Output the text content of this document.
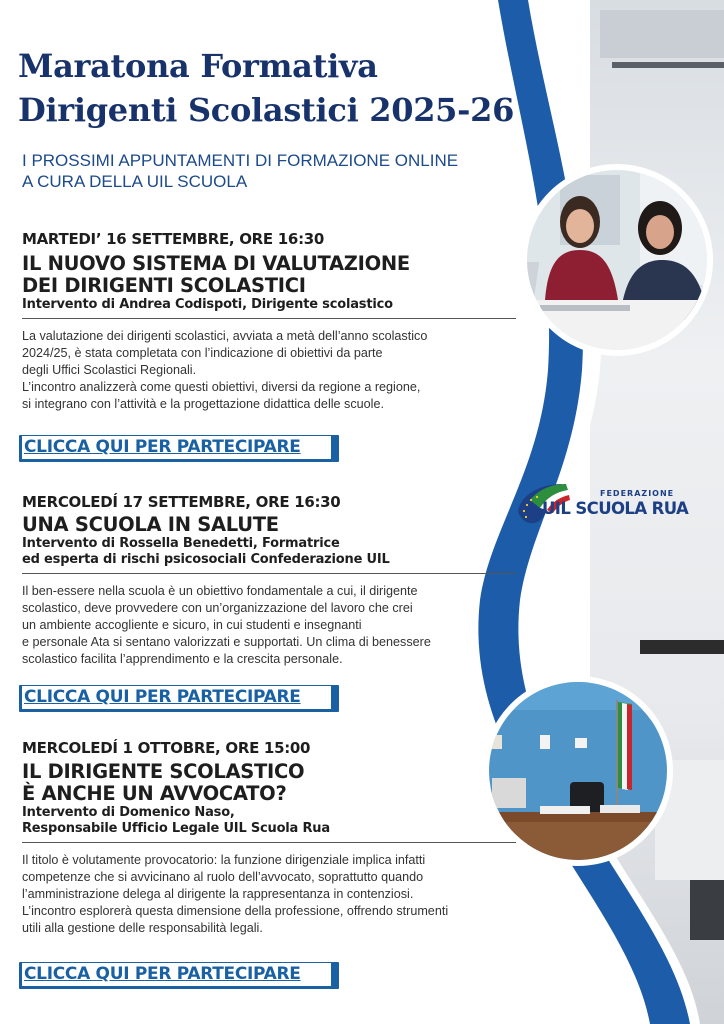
Maratona Formativa
Dirigenti Scolastici 2025-26
I PROSSIMI APPUNTAMENTI DI FORMAZIONE ONLINE
A CURA DELLA UIL SCUOLA
MARTEDI’ 16 SETTEMBRE, ORE 16:30
IL NUOVO SISTEMA DI VALUTAZIONE
DEI DIRIGENTI SCOLASTICI
Intervento di Andrea Codispoti, Dirigente scolastico
La valutazione dei dirigenti scolastici, avviata a metà dell’anno scolastico
2024/25, è stata completata con l’indicazione di obiettivi da parte
degli Uffici Scolastici Regionali.
L’incontro analizzerà come questi obiettivi, diversi da regione a regione,
si integrano con l’attività e la progettazione didattica delle scuole.
CLICCA QUI PER PARTECIPARE
MERCOLEDÍ 17 SETTEMBRE, ORE 16:30
UNA SCUOLA IN SALUTE
Intervento di Rossella Benedetti, Formatrice
ed esperta di rischi psicosociali Confederazione UIL
Il ben-essere nella scuola è un obiettivo fondamentale a cui, il dirigente
scolastico, deve provvedere con un’organizzazione del lavoro che crei
un ambiente accogliente e sicuro, in cui studenti e insegnanti
e personale Ata si sentano valorizzati e supportati. Un clima di benessere
scolastico facilita l’apprendimento e la crescita personale.
CLICCA QUI PER PARTECIPARE
MERCOLEDÍ 1 OTTOBRE, ORE 15:00
IL DIRIGENTE SCOLASTICO
È ANCHE UN AVVOCATO?
Intervento di Domenico Naso,
Responsabile Ufficio Legale UIL Scuola Rua
Il titolo è volutamente provocatorio: la funzione dirigenziale implica infatti
competenze che si avvicinano al ruolo dell’avvocato, soprattutto quando
l’amministrazione delega al dirigente la rappresentanza in contenziosi.
L’incontro esplorerà questa dimensione della professione, offrendo strumenti
utili alla gestione delle responsabilità legali.
CLICCA QUI PER PARTECIPARE
FEDERAZIONE
UIL SCUOLA RUA
